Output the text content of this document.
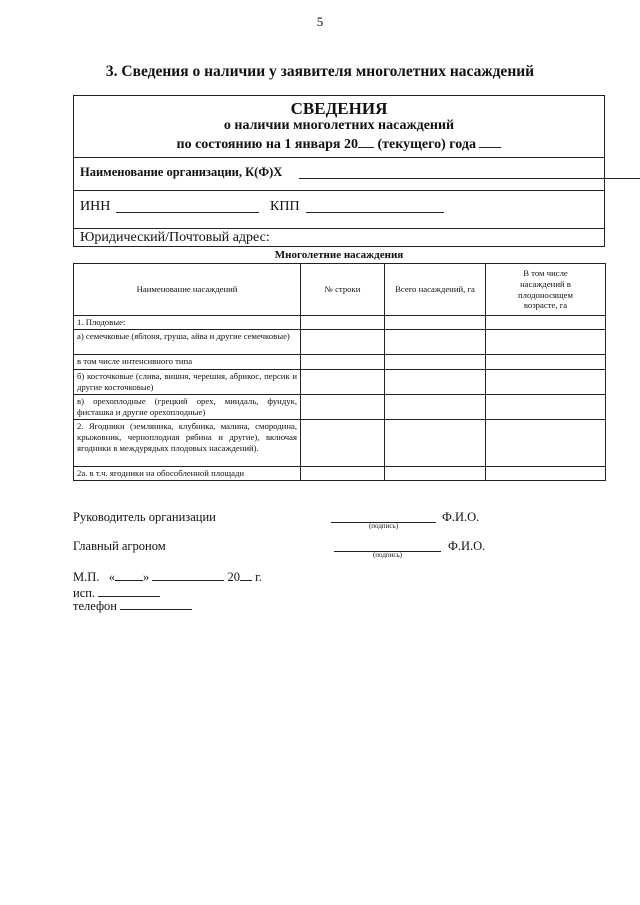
5
3. Сведения о наличии у заявителя многолетних насаждений
СВЕДЕНИЯ
о наличии многолетних насаждений
по состоянию на 1 января 20 (текущего) года
Наименование организации, К(Ф)Х
ИНН	КПП
Юридический/Почтовый адрес:
Многолетние насаждения
Наименование насаждений	№ строки	Всего насаждений, га	В том числе насаждений в плодоносящем возрасте, га
1. Плодовые:			
а) семечковые (яблоня, груша, айва и другие семечковые)			
в том числе интенсивного типа			
б) косточковые (слива, вишня, черешня, абрикос, персик и другие косточковые)			
в) орехоплодные (грецкий орех, миндаль, фундук, фисташка и другие орехоплодные)			
2. Ягодники (земляника, клубника, малина, смородина, крыжовник, черноплодная рябина и другие), включая ягодники в междурядьях плодовых насаждений).			
2а. в т.ч. ягодники на обособленной площади			
Руководитель организации
(подпись)
Ф.И.О.
Главный агроном
(подпись)
Ф.И.О.
М.П. « »	20 г.
исп.
телефон
